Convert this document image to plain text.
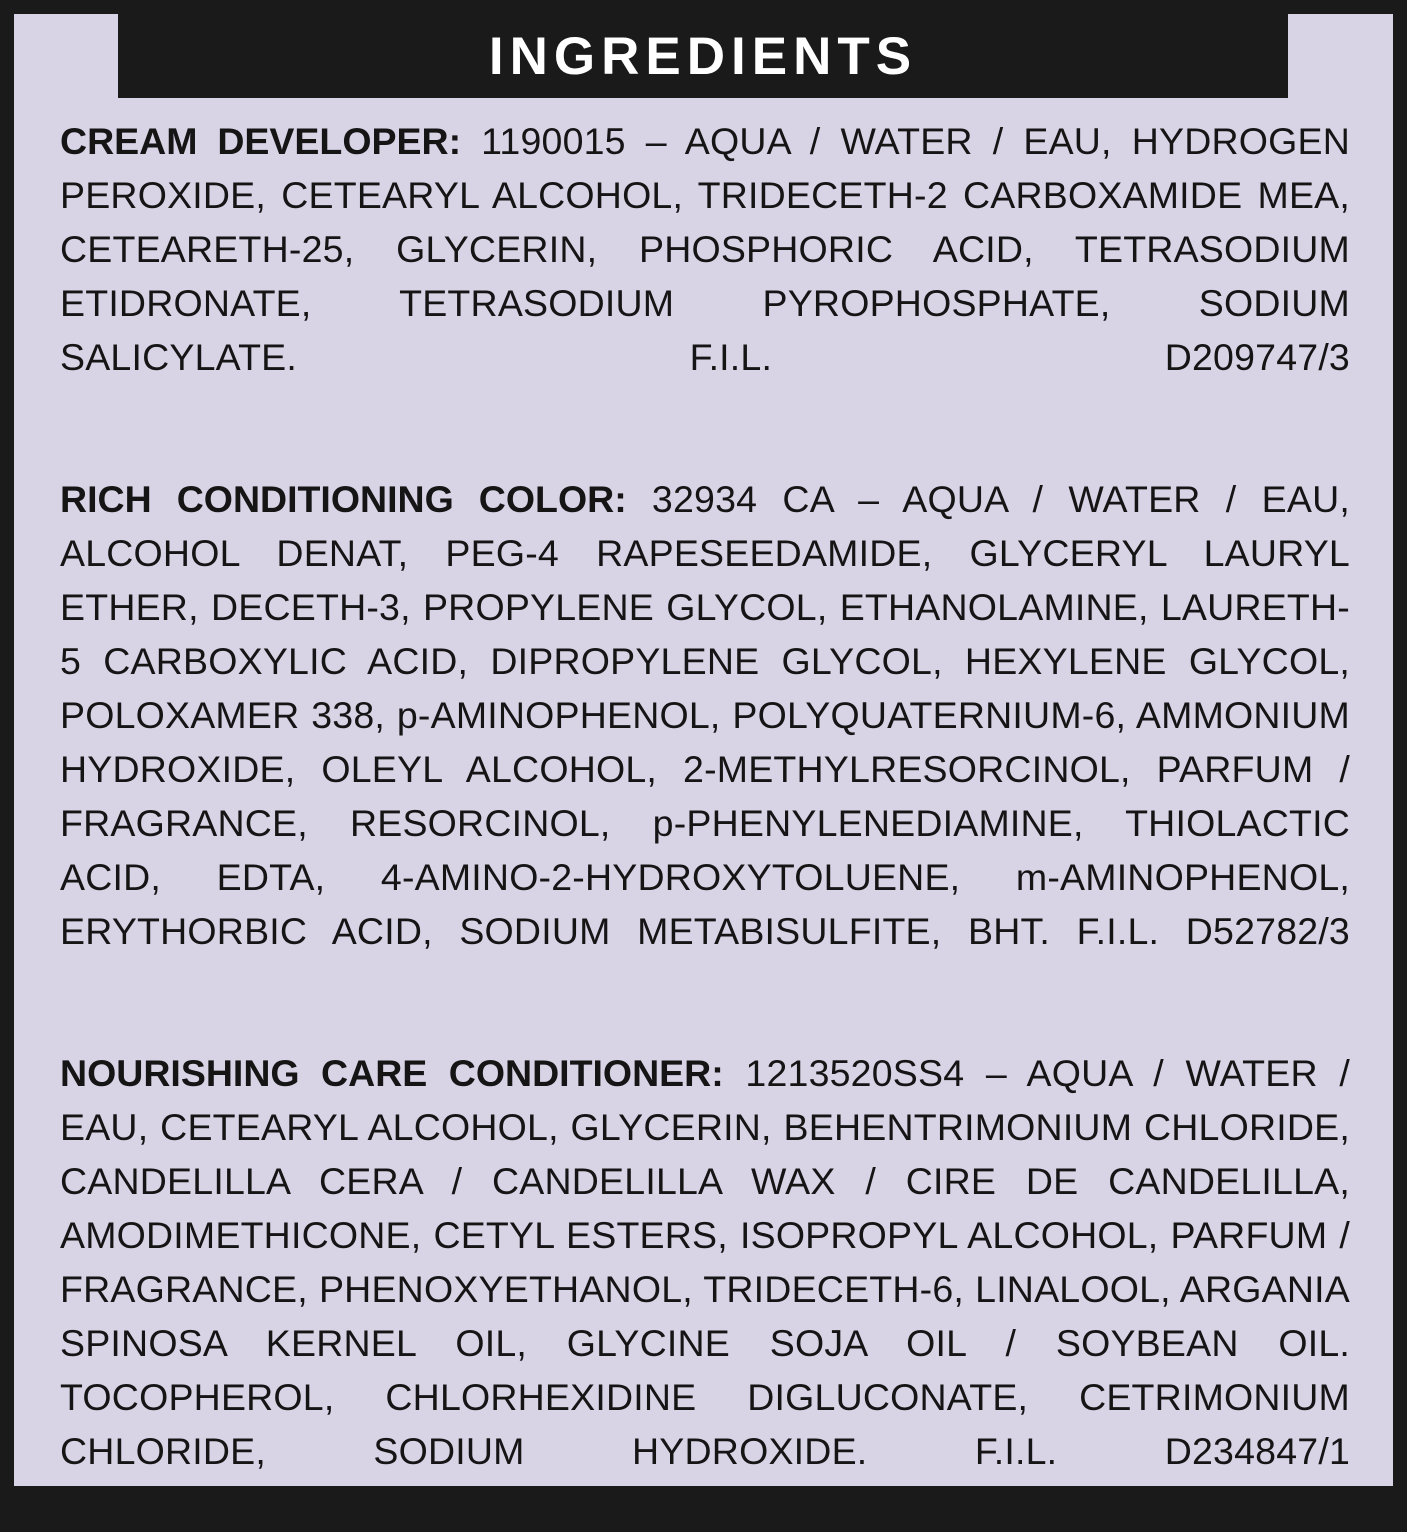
INGREDIENTS
CREAM DEVELOPER: 1190015 – AQUA / WATER / EAU, HYDROGEN PEROXIDE, CETEARYL ALCOHOL, TRIDECETH-2 CARBOXAMIDE MEA, CETEARETH-25, GLYCERIN, PHOSPHORIC ACID, TETRASODIUM ETIDRONATE, TETRASODIUM PYROPHOSPHATE, SODIUM SALICYLATE. F.I.L. D209747/3
RICH CONDITIONING COLOR: 32934 CA – AQUA / WATER / EAU, ALCOHOL DENAT, PEG-4 RAPESEEDAMIDE, GLYCERYL LAURYL ETHER, DECETH-3, PROPYLENE GLYCOL, ETHANOLAMINE, LAURETH-5 CARBOXYLIC ACID, DIPROPYLENE GLYCOL, HEXYLENE GLYCOL, POLOXAMER 338, p-AMINOPHENOL, POLYQUATERNIUM-6, AMMONIUM HYDROXIDE, OLEYL ALCOHOL, 2-METHYLRESORCINOL, PARFUM / FRAGRANCE, RESORCINOL, p-PHENYLENEDIAMINE, THIOLACTIC ACID, EDTA, 4-AMINO-2-HYDROXYTOLUENE, m-AMINOPHENOL, ERYTHORBIC ACID, SODIUM METABISULFITE, BHT. F.I.L. D52782/3
NOURISHING CARE CONDITIONER: 1213520SS4 – AQUA / WATER / EAU, CETEARYL ALCOHOL, GLYCERIN, BEHENTRIMONIUM CHLORIDE, CANDELILLA CERA / CANDELILLA WAX / CIRE DE CANDELILLA, AMODIMETHICONE, CETYL ESTERS, ISOPROPYL ALCOHOL, PARFUM / FRAGRANCE, PHENOXYETHANOL, TRIDECETH-6, LINALOOL, ARGANIA SPINOSA KERNEL OIL, GLYCINE SOJA OIL / SOYBEAN OIL. TOCOPHEROL, CHLORHEXIDINE DIGLUCONATE, CETRIMONIUM CHLORIDE, SODIUM HYDROXIDE. F.I.L. D234847/1
